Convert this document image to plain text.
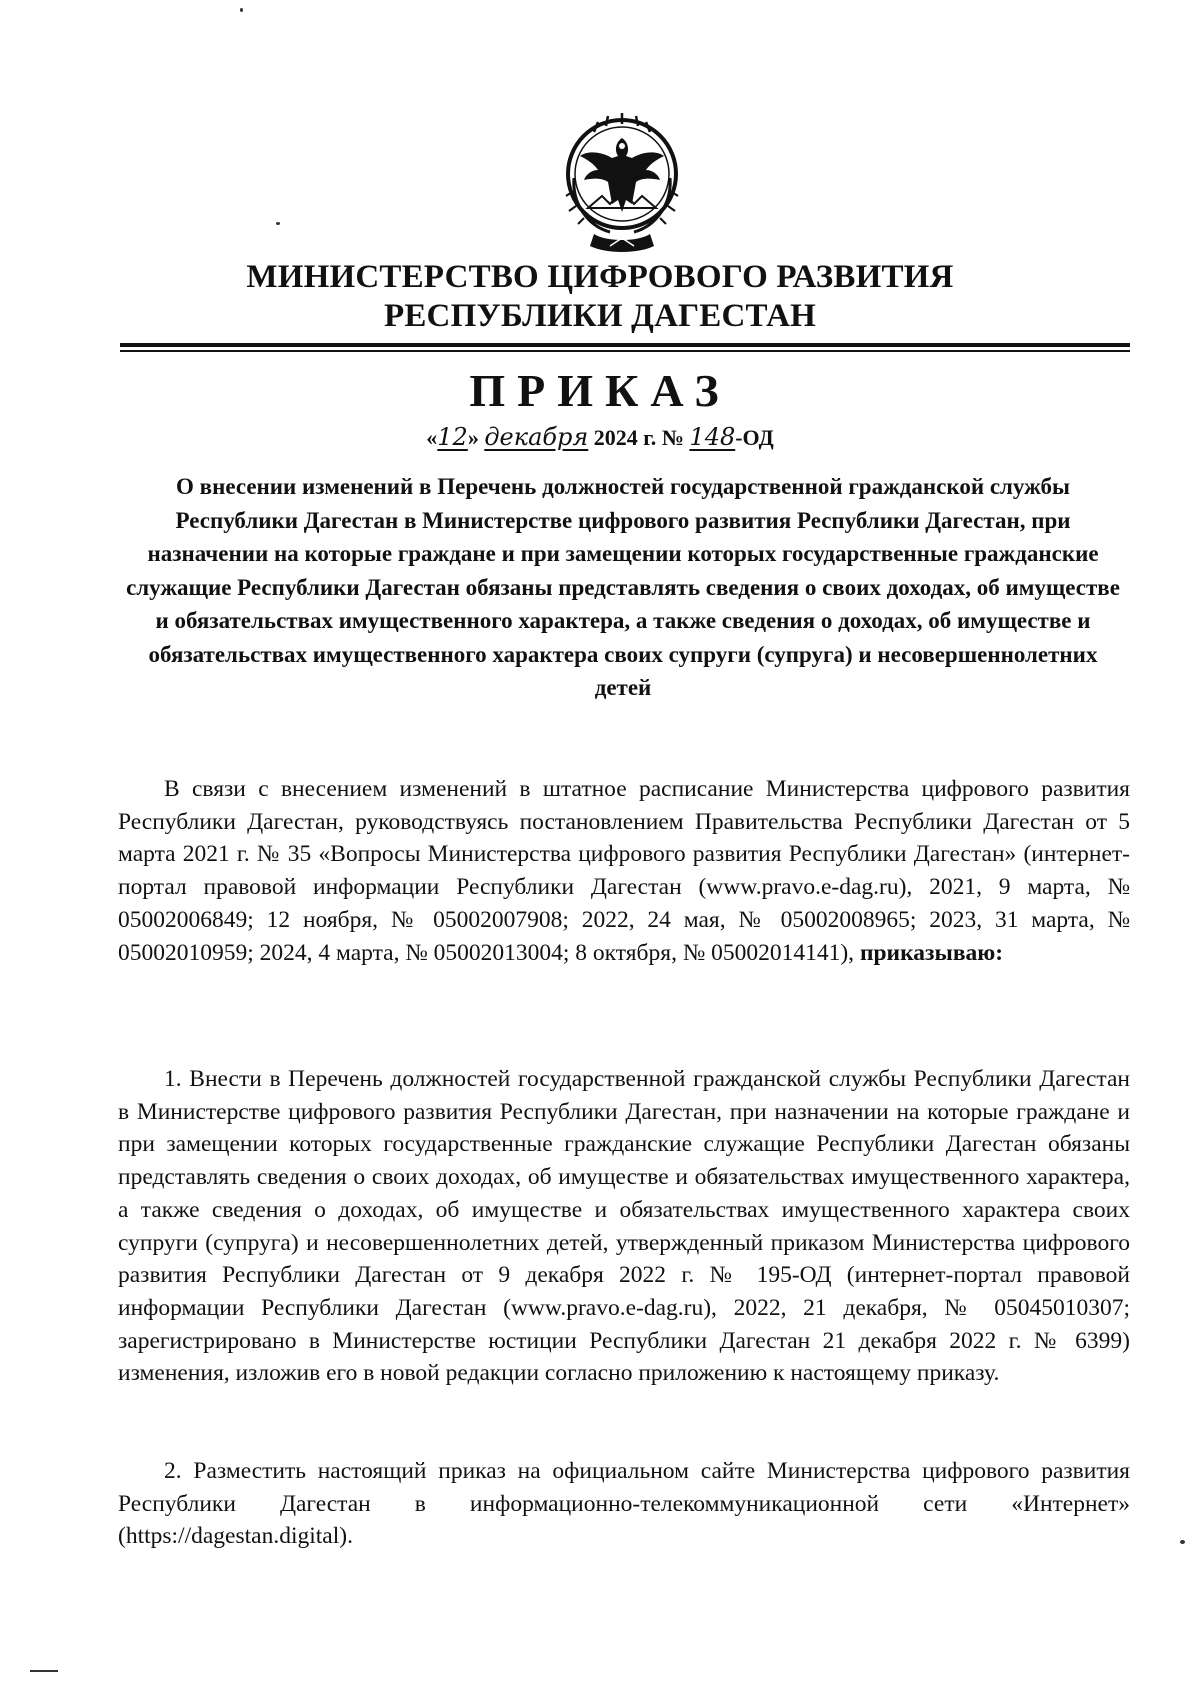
МИНИСТЕРСТВО ЦИФРОВОГО РАЗВИТИЯ
РЕСПУБЛИКИ ДАГЕСТАН
ПРИКАЗ
«12» декабря 2024 г. № 148-ОД
О внесении изменений в Перечень должностей государственной гражданской службы Республики Дагестан в Министерстве цифрового развития Республики Дагестан, при назначении на которые граждане и при замещении которых государственные гражданские служащие Республики Дагестан обязаны представлять сведения о своих доходах, об имуществе и обязательствах имущественного характера, а также сведения о доходах, об имуществе и обязательствах имущественного характера своих супруги (супруга) и несовершеннолетних детей
В связи с внесением изменений в штатное расписание Министерства цифрового развития Республики Дагестан, руководствуясь постановлением Правительства Республики Дагестан от 5 марта 2021 г. № 35 «Вопросы Министерства цифрового развития Республики Дагестан» (интернет-портал правовой информации Республики Дагестан (www.pravo.e-dag.ru), 2021, 9 марта, № 05002006849; 12 ноября, № 05002007908; 2022, 24 мая, № 05002008965; 2023, 31 марта, № 05002010959; 2024, 4 марта, № 05002013004; 8 октября, № 05002014141), приказываю:
1. Внести в Перечень должностей государственной гражданской службы Республики Дагестан в Министерстве цифрового развития Республики Дагестан, при назначении на которые граждане и при замещении которых государственные гражданские служащие Республики Дагестан обязаны представлять сведения о своих доходах, об имуществе и обязательствах имущественного характера, а также сведения о доходах, об имуществе и обязательствах имущественного характера своих супруги (супруга) и несовершеннолетних детей, утвержденный приказом Министерства цифрового развития Республики Дагестан от 9 декабря 2022 г. № 195-ОД (интернет-портал правовой информации Республики Дагестан (www.pravo.e-dag.ru), 2022, 21 декабря, № 05045010307; зарегистрировано в Министерстве юстиции Республики Дагестан 21 декабря 2022 г. № 6399) изменения, изложив его в новой редакции согласно приложению к настоящему приказу.
2. Разместить настоящий приказ на официальном сайте Министерства цифрового развития Республики Дагестан в информационно-телекоммуникационной сети «Интернет» (https://dagestan.digital).
